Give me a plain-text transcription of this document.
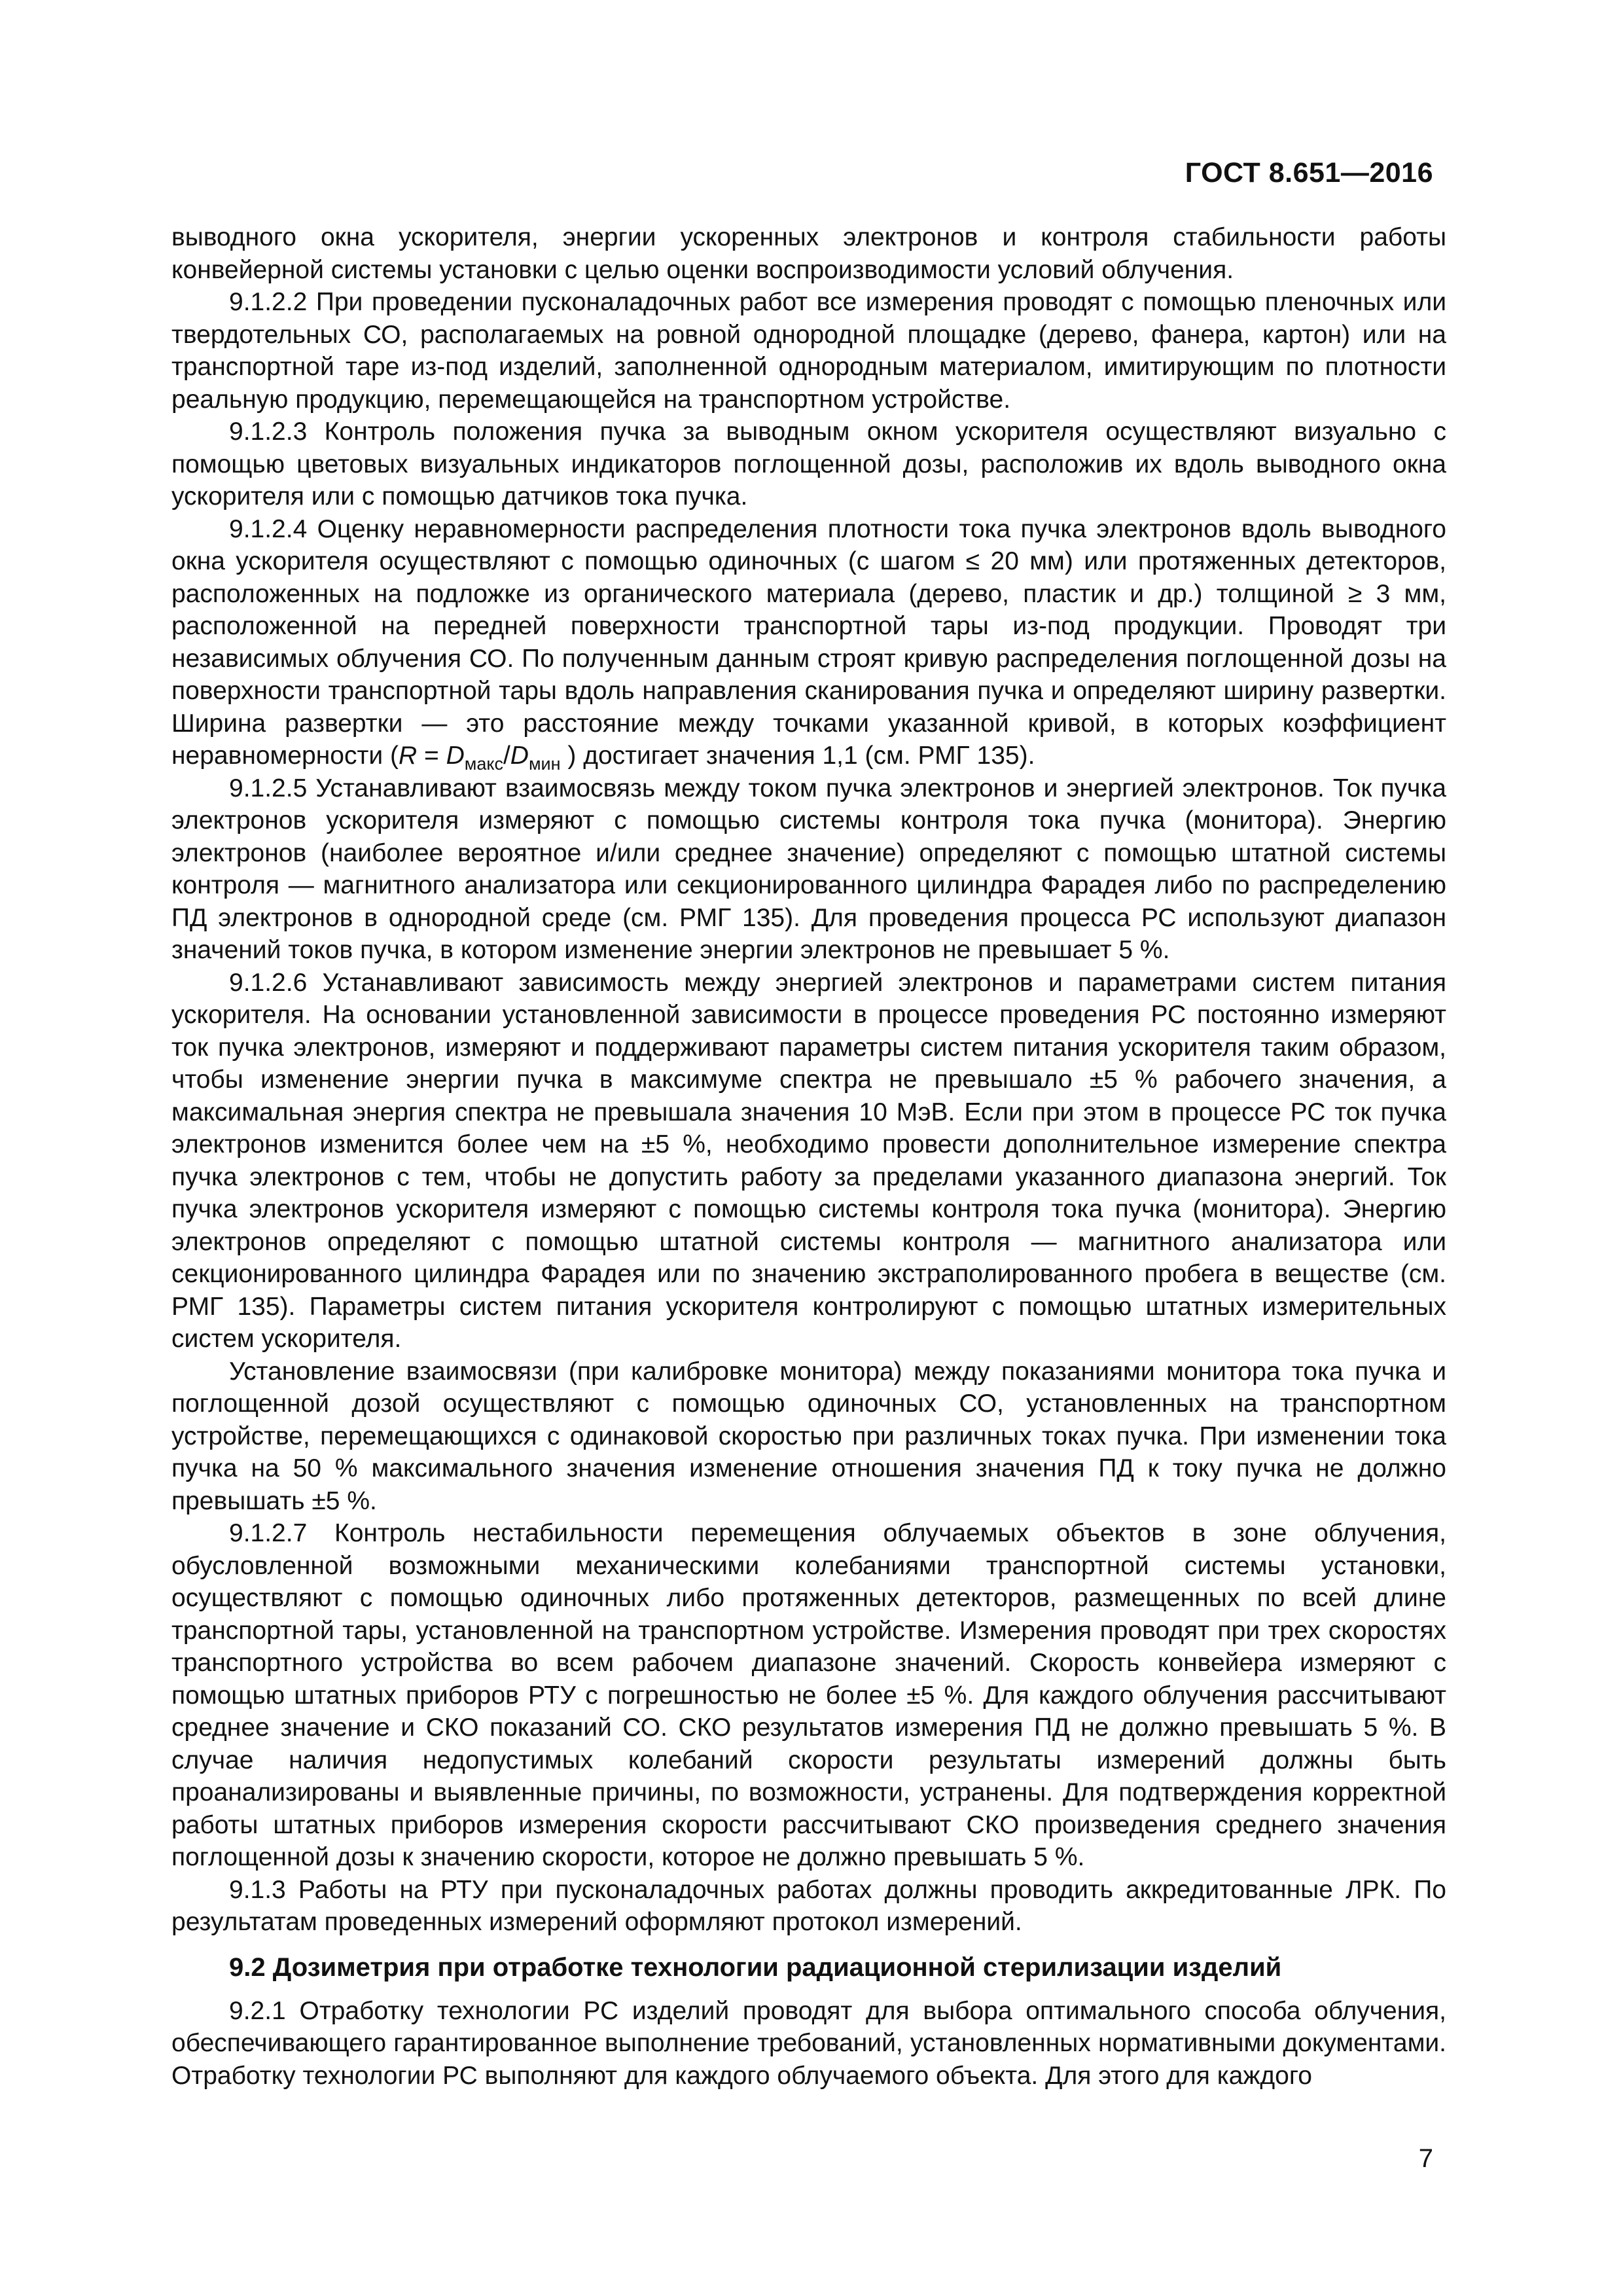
ГОСТ 8.651—2016

выводного окна ускорителя, энергии ускоренных электронов и контроля стабильности работы конвейерной системы установки с целью оценки воспроизводимости условий облучения.

9.1.2.2 При проведении пусконаладочных работ все измерения проводят с помощью пленочных или твердотельных СО, располагаемых на ровной однородной площадке (дерево, фанера, картон) или на транспортной таре из-под изделий, заполненной однородным материалом, имитирующим по плотности реальную продукцию, перемещающейся на транспортном устройстве.

9.1.2.3 Контроль положения пучка за выводным окном ускорителя осуществляют визуально с помощью цветовых визуальных индикаторов поглощенной дозы, расположив их вдоль выводного окна ускорителя или с помощью датчиков тока пучка.

9.1.2.4 Оценку неравномерности распределения плотности тока пучка электронов вдоль выводного окна ускорителя осуществляют с помощью одиночных (с шагом ≤ 20 мм) или протяженных детекторов, расположенных на подложке из органического материала (дерево, пластик и др.) толщиной ≥ 3 мм, расположенной на передней поверхности транспортной тары из-под продукции. Проводят три независимых облучения СО. По полученным данным строят кривую распределения поглощенной дозы на поверхности транспортной тары вдоль направления сканирования пучка и определяют ширину развертки. Ширина развертки — это расстояние между точками указанной кривой, в которых коэффициент неравномерности ($R = D_{макс}/D_{мин}$ ) достигает значения 1,1 (см. РМГ 135).

9.1.2.5 Устанавливают взаимосвязь между током пучка электронов и энергией электронов. Ток пучка электронов ускорителя измеряют с помощью системы контроля тока пучка (монитора). Энергию электронов (наиболее вероятное и/или среднее значение) определяют с помощью штатной системы контроля — магнитного анализатора или секционированного цилиндра Фарадея либо по распределению ПД электронов в однородной среде (см. РМГ 135). Для проведения процесса РС используют диапазон значений токов пучка, в котором изменение энергии электронов не превышает 5 %.

9.1.2.6 Устанавливают зависимость между энергией электронов и параметрами систем питания ускорителя. На основании установленной зависимости в процессе проведения РС постоянно измеряют ток пучка электронов, измеряют и поддерживают параметры систем питания ускорителя таким образом, чтобы изменение энергии пучка в максимуме спектра не превышало ±5 % рабочего значения, а максимальная энергия спектра не превышала значения 10 МэВ. Если при этом в процессе РС ток пучка электронов изменится более чем на ±5 %, необходимо провести дополнительное измерение спектра пучка электронов с тем, чтобы не допустить работу за пределами указанного диапазона энергий. Ток пучка электронов ускорителя измеряют с помощью системы контроля тока пучка (монитора). Энергию электронов определяют с помощью штатной системы контроля — магнитного анализатора или секционированного цилиндра Фарадея или по значению экстраполированного пробега в веществе (см. РМГ 135). Параметры систем питания ускорителя контролируют с помощью штатных измерительных систем ускорителя.

Установление взаимосвязи (при калибровке монитора) между показаниями монитора тока пучка и поглощенной дозой осуществляют с помощью одиночных СО, установленных на транспортном устройстве, перемещающихся с одинаковой скоростью при различных токах пучка. При изменении тока пучка на 50 % максимального значения изменение отношения значения ПД к току пучка не должно превышать ±5 %.

9.1.2.7 Контроль нестабильности перемещения облучаемых объектов в зоне облучения, обусловленной возможными механическими колебаниями транспортной системы установки, осуществляют с помощью одиночных либо протяженных детекторов, размещенных по всей длине транспортной тары, установленной на транспортном устройстве. Измерения проводят при трех скоростях транспортного устройства во всем рабочем диапазоне значений. Скорость конвейера измеряют с помощью штатных приборов РТУ с погрешностью не более ±5 %. Для каждого облучения рассчитывают среднее значение и СКО показаний СО. СКО результатов измерения ПД не должно превышать 5 %. В случае наличия недопустимых колебаний скорости результаты измерений должны быть проанализированы и выявленные причины, по возможности, устранены. Для подтверждения корректной работы штатных приборов измерения скорости рассчитывают СКО произведения среднего значения поглощенной дозы к значению скорости, которое не должно превышать 5 %.

9.1.3 Работы на РТУ при пусконаладочных работах должны проводить аккредитованные ЛРК. По результатам проведенных измерений оформляют протокол измерений.

9.2 Дозиметрия при отработке технологии радиационной стерилизации изделий

9.2.1 Отработку технологии РС изделий проводят для выбора оптимального способа облучения, обеспечивающего гарантированное выполнение требований, установленных нормативными документами. Отработку технологии РС выполняют для каждого облучаемого объекта. Для этого для каждого

7
